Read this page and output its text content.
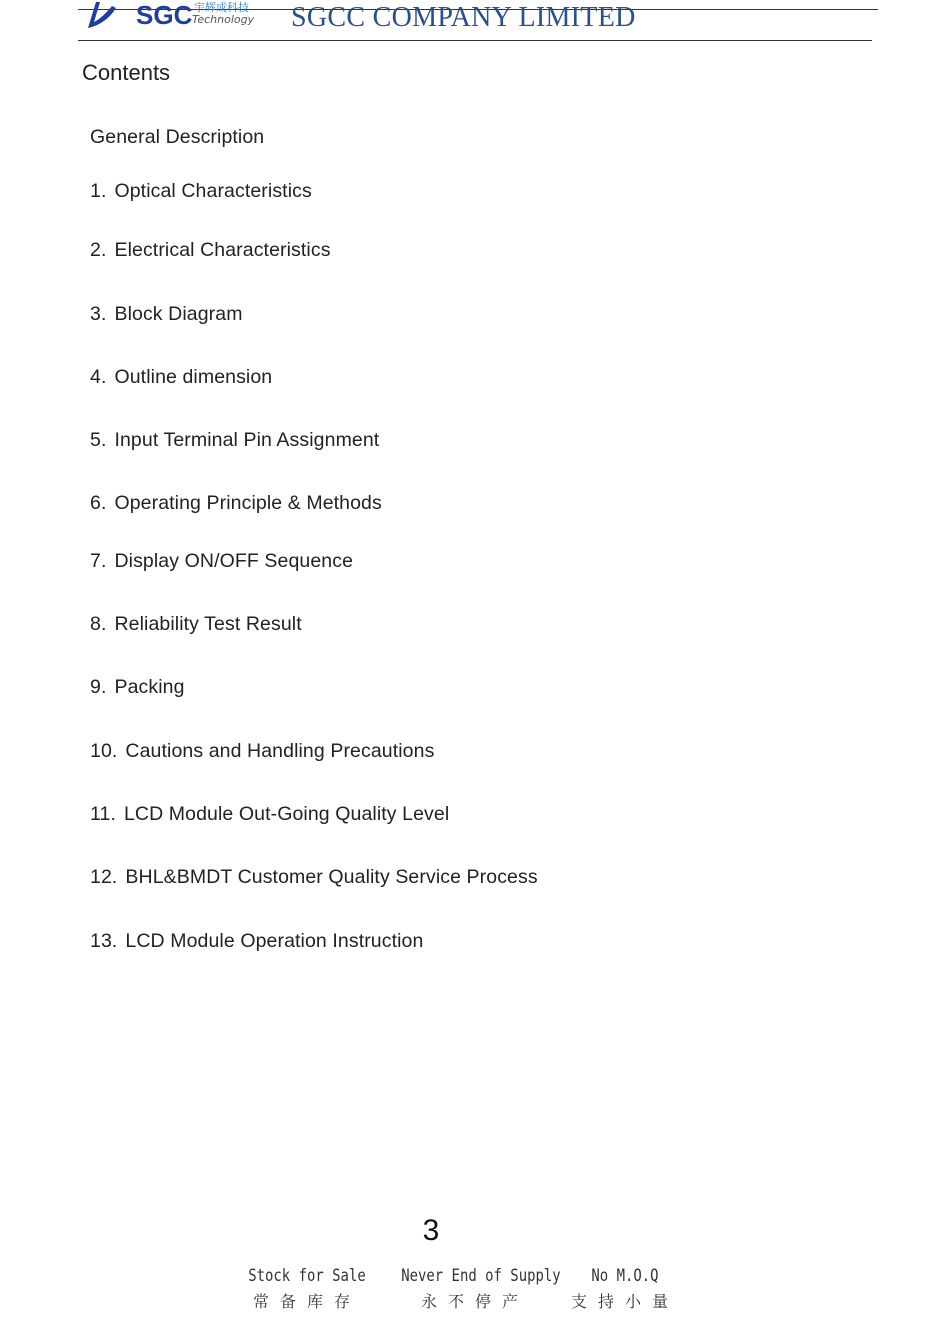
SGC 宇辉成科技
Technology SGCC COMPANY LIMITED
Contents
General Description
1. Optical Characteristics
2. Electrical Characteristics
3. Block Diagram
4. Outline dimension
5. Input Terminal Pin Assignment
6. Operating Principle & Methods
7. Display ON/OFF Sequence
8. Reliability Test Result
9. Packing
10. Cautions and Handling Precautions
11. LCD Module Out-Going Quality Level
12. BHL&BMDT Customer Quality Service Process
13. LCD Module Operation Instruction
3
Stock for Sale
常备库存
Never End of Supply
永不停产
No M.O.Q
支持小量
